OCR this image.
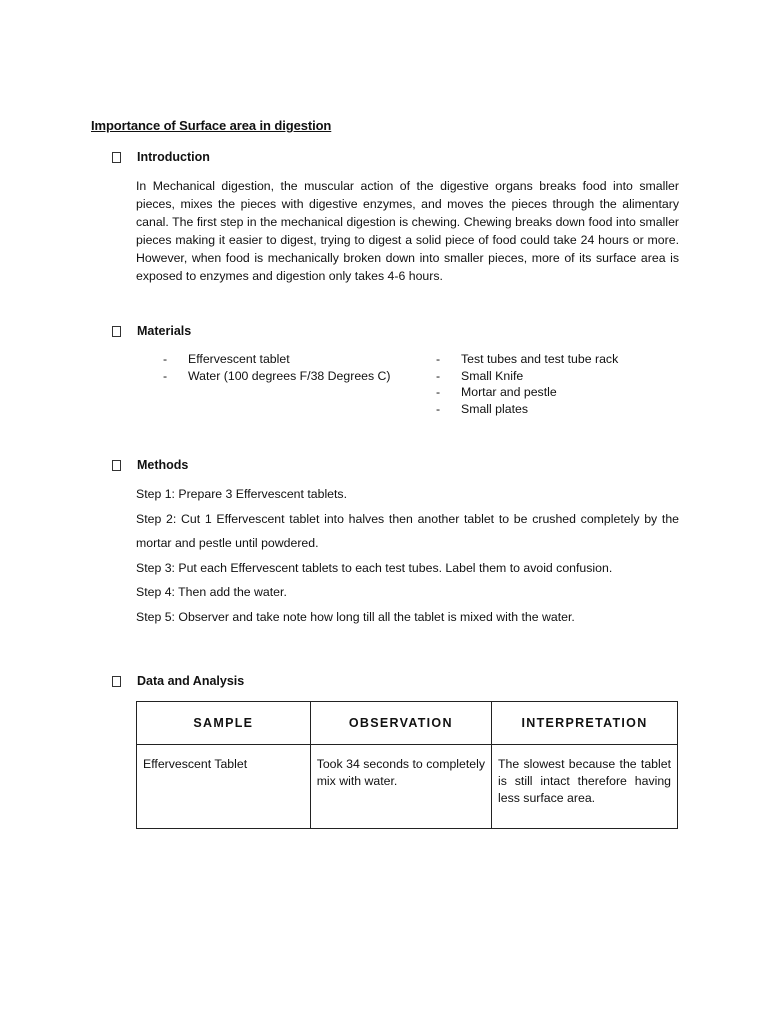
Importance of Surface area in digestion
Introduction
In Mechanical digestion, the muscular action of the digestive organs breaks food into smaller pieces, mixes the pieces with digestive enzymes, and moves the pieces through the alimentary canal. The first step in the mechanical digestion is chewing. Chewing breaks down food into smaller pieces making it easier to digest, trying to digest a solid piece of food could take 24 hours or more. However, when food is mechanically broken down into smaller pieces, more of its surface area is exposed to enzymes and digestion only takes 4-6 hours.
Materials
-	Effervescent tablet
-	Water (100 degrees F/38 Degrees C)
-	Test tubes and test tube rack
-	Small Knife
-	Mortar and pestle
-	Small plates
Methods
Step 1: Prepare 3 Effervescent tablets.
Step 2: Cut 1 Effervescent tablet into halves then another tablet to be crushed completely by the mortar and pestle until powdered.
Step 3: Put each Effervescent tablets to each test tubes. Label them to avoid confusion.
Step 4: Then add the water.
Step 5: Observer and take note how long till all the tablet is mixed with the water.
Data and Analysis
SAMPLE	OBSERVATION	INTERPRETATION
Effervescent Tablet	Took 34 seconds to completely mix with water.	The slowest because the tablet is still intact therefore having less surface area.
